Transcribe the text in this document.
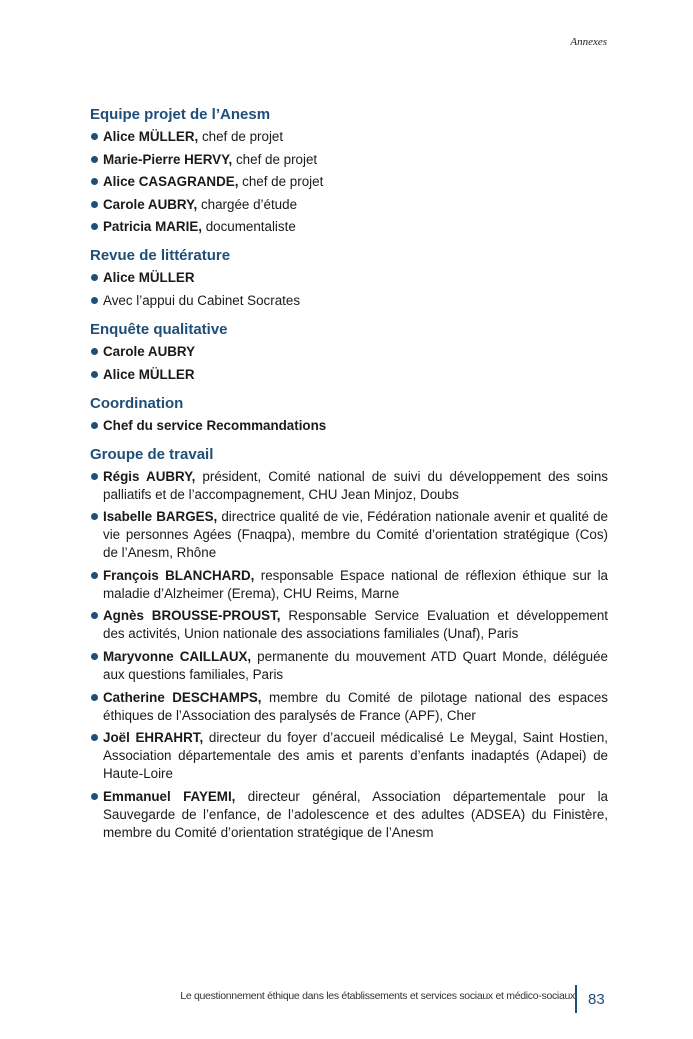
Annexes
Equipe projet de l’Anesm
Alice MÜLLER, chef de projet
Marie-Pierre HERVY, chef de projet
Alice CASAGRANDE, chef de projet
Carole AUBRY, chargée d’étude
Patricia MARIE, documentaliste
Revue de littérature
Alice MÜLLER
Avec l’appui du Cabinet Socrates
Enquête qualitative
Carole AUBRY
Alice MÜLLER
Coordination
Chef du service Recommandations
Groupe de travail
Régis AUBRY, président, Comité national de suivi du développement des soins palliatifs et de l’accompagnement, CHU Jean Minjoz, Doubs
Isabelle BARGES, directrice qualité de vie, Fédération nationale avenir et qualité de vie personnes Agées (Fnaqpa), membre du Comité d’orientation stratégique (Cos) de l’Anesm, Rhône
François BLANCHARD, responsable Espace national de réflexion éthique sur la maladie d’Alzheimer (Erema), CHU Reims, Marne
Agnès BROUSSE-PROUST, Responsable Service Evaluation et développement des activités, Union nationale des associations familiales (Unaf), Paris
Maryvonne CAILLAUX, permanente du mouvement ATD Quart Monde, déléguée aux questions familiales, Paris
Catherine DESCHAMPS, membre du Comité de pilotage national des espaces éthiques de l’Association des paralysés de France (APF), Cher
Joël EHRAHRT, directeur du foyer d’accueil médicalisé Le Meygal, Saint Hostien, Association départementale des amis et parents d’enfants inadaptés (Adapei) de Haute-Loire
Emmanuel FAYEMI, directeur général, Association départementale pour la Sauvegarde de l’enfance, de l’adolescence et des adultes (ADSEA) du Finistère, membre du Comité d’orientation stratégique de l’Anesm
Le questionnement éthique dans les établissements et services sociaux et médico-sociaux 83
